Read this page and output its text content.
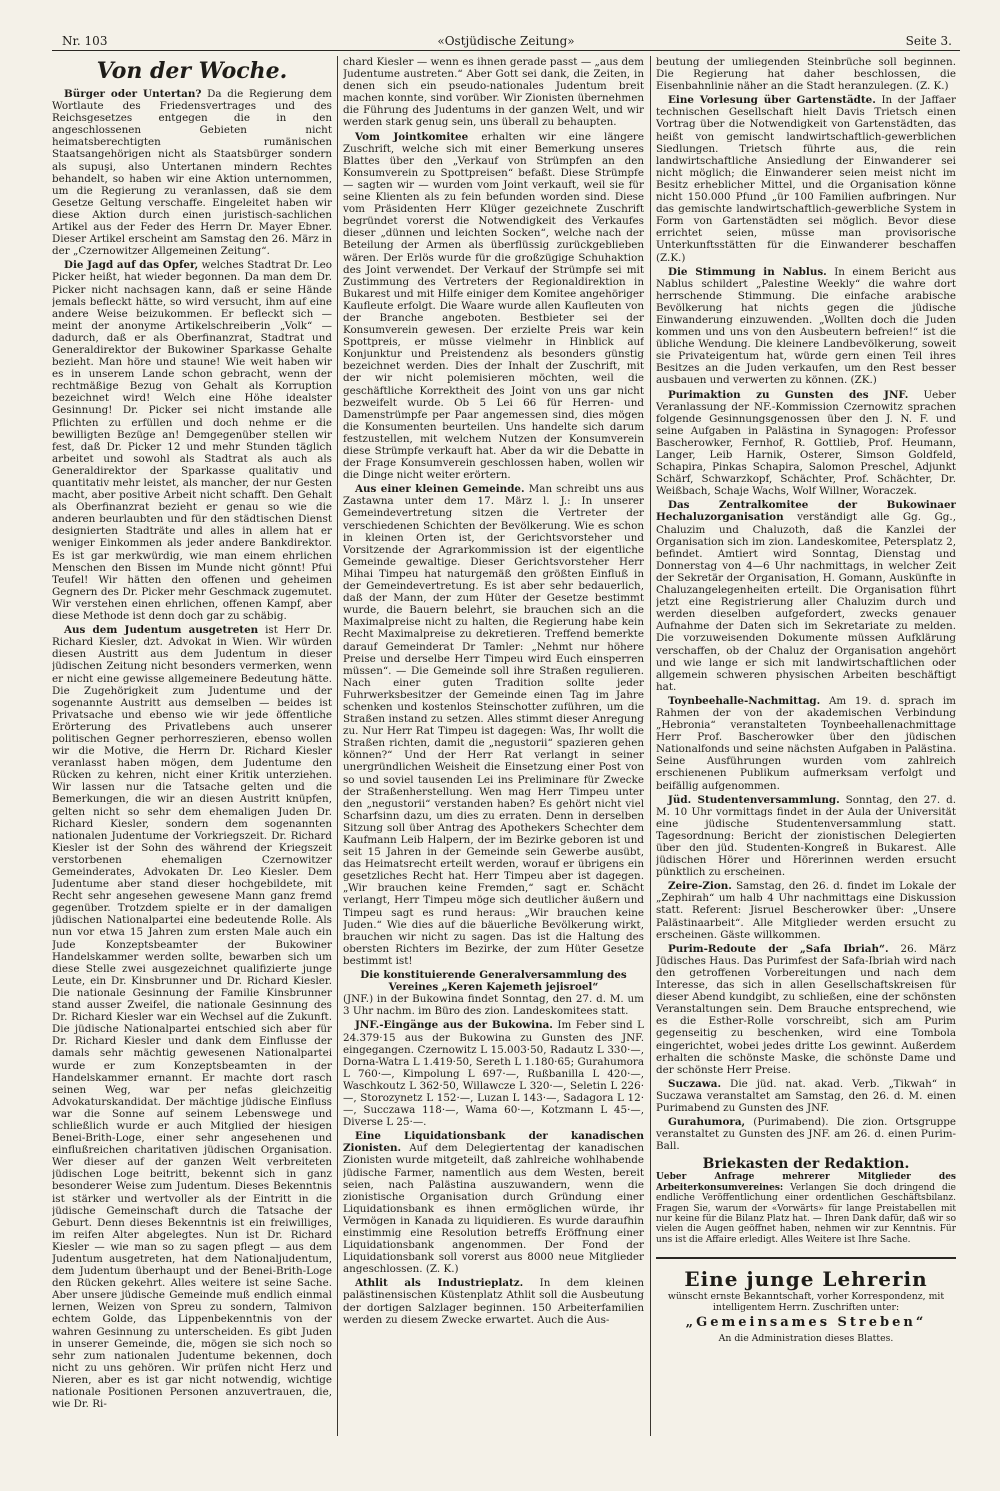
Nr. 103	«Ostjüdische Zeitung»	Seite 3.
Von der Woche.

Bürger oder Untertan? Da die Regierung dem Wortlaute des Friedensvertrages und des Reichsgesetzes entgegen die in den angeschlossenen Gebieten nicht heimatsberechtigten rumänischen Staatsangehörigen nicht als Staatsbürger sondern als supuşi, also Untertanen mindern Rechtes behandelt, so haben wir eine Aktion unternommen, um die Regierung zu veranlassen, daß sie dem Gesetze Geltung verschaffe. Eingeleitet haben wir diese Aktion durch einen juristisch-sachlichen Artikel aus der Feder des Herrn Dr. Mayer Ebner. Dieser Artikel erscheint am Samstag den 26. März in der „Czernowitzer Allgemeinen Zeitung“.

Die Jagd auf das Opfer, welches Stadtrat Dr. Leo Picker heißt, hat wieder begonnen. Da man dem Dr. Picker nicht nachsagen kann, daß er seine Hände jemals befleckt hätte, so wird versucht, ihm auf eine andere Weise beizukommen. Er befleckt sich — meint der anonyme Artikelschreiberin „Volk“ — dadurch, daß er als Oberfinanzrat, Stadtrat und Generaldirektor der Bukowiner Sparkasse Gehalte bezieht. Man höre und staune! Wie weit haben wir es in unserem Lande schon gebracht, wenn der rechtmäßige Bezug von Gehalt als Korruption bezeichnet wird! Welch eine Höhe idealster Gesinnung! Dr. Picker sei nicht imstande alle Pflichten zu erfüllen und doch nehme er die bewilligten Bezüge an! Demgegenüber stellen wir fest, daß Dr. Picker 12 und mehr Stunden täglich arbeitet und sowohl als Stadtrat als auch als Generaldirektor der Sparkasse qualitativ und quantitativ mehr leistet, als mancher, der nur Gesten macht, aber positive Arbeit nicht schafft. Den Gehalt als Oberfinanzrat bezieht er genau so wie die anderen beurlaubten und für den städtischen Dienst designierten Stadträte und alles in allem hat er weniger Einkommen als jeder andere Bankdirektor. Es ist gar merkwürdig, wie man einem ehrlichen Menschen den Bissen im Munde nicht gönnt! Pfui Teufel! Wir hätten den offenen und geheimen Gegnern des Dr. Picker mehr Geschmack zugemutet. Wir verstehen einen ehrlichen, offenen Kampf, aber diese Methode ist denn doch gar zu schäbig.

Aus dem Judentum ausgetreten ist Herr Dr. Richard Kiesler, dzt. Advokat in Wien. Wir würden diesen Austritt aus dem Judentum in dieser jüdischen Zeitung nicht besonders vermerken, wenn er nicht eine gewisse allgemeinere Bedeutung hätte. Die Zugehörigkeit zum Judentume und der sogenannte Austritt aus demselben — beides ist Privatsache und ebenso wie wir jede öffentliche Erörterung des Privatlebens auch unserer politischen Gegner perhorreszieren, ebenso wollen wir die Motive, die Herrn Dr. Richard Kiesler veranlasst haben mögen, dem Judentume den Rücken zu kehren, nicht einer Kritik unterziehen. Wir lassen nur die Tatsache gelten und die Bemerkungen, die wir an diesen Austritt knüpfen, gelten nicht so sehr dem ehemaligen Juden Dr. Richard Kiesler, sondern dem sogenannten nationalen Judentume der Vorkriegszeit. Dr. Richard Kiesler ist der Sohn des während der Kriegszeit verstorbenen ehemaligen Czernowitzer Gemeinderates, Advokaten Dr. Leo Kiesler. Dem Judentume aber stand dieser hochgebildete, mit Recht sehr angesehen gewesene Mann ganz fremd gegenüber. Trotzdem spielte er in der damaligen jüdischen Nationalpartei eine bedeutende Rolle. Als nun vor etwa 15 Jahren zum ersten Male auch ein Jude Konzeptsbeamter der Bukowiner Handelskammer werden sollte, bewarben sich um diese Stelle zwei ausgezeichnet qualifizierte junge Leute, ein Dr. Kinsbrunner und Dr. Richard Kiesler. Die nationale Gesinnung der Familie Kinsbrunner stand ausser Zweifel, die nationale Gesinnung des Dr. Richard Kiesler war ein Wechsel auf die Zukunft. Die jüdische Nationalpartei entschied sich aber für Dr. Richard Kiesler und dank dem Einflusse der damals sehr mächtig gewesenen Nationalpartei wurde er zum Konzeptsbeamten in der Handelskammer ernannt. Er machte dort rasch seinen Weg, war per nefas gleichzeitig Advokaturskandidat. Der mächtige jüdische Einfluss war die Sonne auf seinem Lebenswege und schließlich wurde er auch Mitglied der hiesigen Benei-Brith-Loge, einer sehr angesehenen und einflußreichen charitativen jüdischen Organisation. Wer dieser auf der ganzen Welt verbreiteten jüdischen Loge beitritt, bekennt sich in ganz besonderer Weise zum Judentum. Dieses Bekenntnis ist stärker und wertvoller als der Eintritt in die jüdische Gemeinschaft durch die Tatsache der Geburt. Denn dieses Bekenntnis ist ein freiwilliges, im reifen Alter abgelegtes. Nun ist Dr. Richard Kiesler — wie man so zu sagen pflegt — aus dem Judentum ausgetreten, hat dem Nationaljudentum, dem Judentum überhaupt und der Benei-Brith-Loge den Rücken gekehrt. Alles weitere ist seine Sache. Aber unsere jüdische Gemeinde muß endlich einmal lernen, Weizen von Spreu zu sondern, Talmivon echtem Golde, das Lippenbekenntnis von der wahren Gesinnung zu unterscheiden. Es gibt Juden in unserer Gemeinde, die, mögen sie sich noch so sehr zum nationalen Judentume bekennen, doch nicht zu uns gehören. Wir prüfen nicht Herz und Nieren, aber es ist gar nicht notwendig, wichtige nationale Positionen Personen anzuvertrauen, die, wie Dr. Ri-

chard Kiesler — wenn es ihnen gerade passt — „aus dem Judentume austreten.“ Aber Gott sei dank, die Zeiten, in denen sich ein pseudo-nationales Judentum breit machen konnte, sind vorüber. Wir Zionisten übernehmen die Führung des Judentums in der ganzen Welt, und wir werden stark genug sein, uns überall zu behaupten.

Vom Jointkomitee erhalten wir eine längere Zuschrift, welche sich mit einer Bemerkung unseres Blattes über den „Verkauf von Strümpfen an den Konsumverein zu Spottpreisen“ befaßt. Diese Strümpfe — sagten wir — wurden vom Joint verkauft, weil sie für seine Klienten als zu fein befunden worden sind. Diese vom Präsidenten Herr Klüger gezeichnete Zuschrift begründet vorerst die Notwendigkeit des Verkaufes dieser „dünnen und leichten Socken“, welche nach der Beteilung der Armen als überflüssig zurückgeblieben wären. Der Erlös wurde für die großzügige Schuhaktion des Joint verwendet. Der Verkauf der Strümpfe sei mit Zustimmung des Vertreters der Regionaldirektion in Bukarest und mit Hilfe einiger dem Komitee angehöriger Kaufleute erfolgt. Die Waare wurde allen Kaufleuten von der Branche angeboten. Bestbieter sei der Konsumverein gewesen. Der erzielte Preis war kein Spottpreis, er müsse vielmehr in Hinblick auf Konjunktur und Preistendenz als besonders günstig bezeichnet werden. Dies der Inhalt der Zuschrift, mit der wir nicht polemisieren möchten, weil die geschäftliche Korrektheit des Joint von uns gar nicht bezweifelt wurde. Ob 5 Lei 66 für Herren- und Damenstrümpfe per Paar angemessen sind, dies mögen die Konsumenten beurteilen. Uns handelte sich darum festzustellen, mit welchem Nutzen der Konsumverein diese Strümpfe verkauft hat. Aber da wir die Debatte in der Frage Konsumverein geschlossen haben, wollen wir die Dinge nicht weiter erörtern.

Aus einer kleinen Gemeinde. Man schreibt uns aus Zastawna unter dem 17. März l. J.: In unserer Gemeindevertretung sitzen die Vertreter der verschiedenen Schichten der Bevölkerung. Wie es schon in kleinen Orten ist, der Gerichtsvorsteher und Vorsitzende der Agrarkommission ist der eigentliche Gemeinde gewaltige. Dieser Gerichtsvorsteher Herr Mihai Timpeu hat naturgemäß den größten Einfluß in der Gemeindevertretung. Es ist aber sehr bedauerlich, daß der Mann, der zum Hüter der Gesetze bestimmt wurde, die Bauern belehrt, sie brauchen sich an die Maximalpreise nicht zu halten, die Regierung habe kein Recht Maximalpreise zu dekretieren. Treffend bemerkte darauf Gemeinderat Dr Tamler: „Nehmt nur höhere Preise und derselbe Herr Timpeu wird Euch einsperren müssen“. — Die Gemeinde soll ihre Straßen regulieren. Nach einer guten Tradition sollte jeder Fuhrwerksbesitzer der Gemeinde einen Tag im Jahre schenken und kostenlos Steinschotter zuführen, um die Straßen instand zu setzen. Alles stimmt dieser Anregung zu. Nur Herr Rat Timpeu ist dagegen: Was, Ihr wollt die Straßen richten, damit die „negustorii“ spazieren gehen können?“ Und der Herr Rat verlangt in seiner unergründlichen Weisheit die Einsetzung einer Post von so und soviel tausenden Lei ins Preliminare für Zwecke der Straßenherstellung. Wen mag Herr Timpeu unter den „negustorii“ verstanden haben? Es gehört nicht viel Scharfsinn dazu, um dies zu erraten. Denn in derselben Sitzung soll über Antrag des Apothekers Schechter dem Kaufmann Leib Halpern, der im Bezirke geboren ist und seit 15 Jahren in der Gemeinde sein Gewerbe ausübt, das Heimatsrecht erteilt werden, worauf er übrigens ein gesetzliches Recht hat. Herr Timpeu aber ist dagegen. „Wir brauchen keine Fremden,“ sagt er. Schächt verlangt, Herr Timpeu möge sich deutlicher äußern und Timpeu sagt es rund heraus: „Wir brauchen keine Juden.“ Wie dies auf die bäuerliche Bevölkerung wirkt, brauchen wir nicht zu sagen. Das ist die Haltung des obersten Richters im Bezirke, der zum Hüter Gesetze bestimmt ist!

Die konstituierende Generalversammlung des Vereines „Keren Kajemeth jejisroel“

(JNF.) in der Bukowina findet Sonntag, den 27. d. M. um 3 Uhr nachm. im Büro des zion. Landeskomitees statt.

JNF.-Eingänge aus der Bukowina. Im Feber sind L 24.379·15 aus der Bukowina zu Gunsten des JNF. eingegangen. Czernowitz L 15.003·50, Radautz L 330·—, Dorna-Watra L 1.419·50, Sereth L 1.180·65; Gurahumora L 760·—, Kimpolung L 697·—, Rußbanilla L 420·—, Waschkoutz L 362·50, Willawcze L 320·—, Seletin L 226·—, Storozynetz L 152·—, Luzan L 143·—, Sadagora L 12·—, Succzawa 118·—, Wama 60·—, Kotzmann L 45·—, Diverse L 25·—.

Eine Liquidationsbank der kanadischen Zionisten. Auf dem Delegiertentag der kanadischen Zionisten wurde mitgeteilt, daß zahlreiche wohlhabende jüdische Farmer, namentlich aus dem Westen, bereit seien, nach Palästina auszuwandern, wenn die zionistische Organisation durch Gründung einer Liquidationsbank es ihnen ermöglichen würde, ihr Vermögen in Kanada zu liquidieren. Es wurde daraufhin einstimmig eine Resolution betreffs Eröffnung einer Liquidationsbank angenommen. Der Fond der Liquidationsbank soll vorerst aus 8000 neue Mitglieder angeschlossen. (Z. K.)

Athlit als Industrieplatz. In dem kleinen palästinensischen Küstenplatz Athlit soll die Ausbeutung der dortigen Salzlager beginnen. 150 Arbeiterfamilien werden zu diesem Zwecke erwartet. Auch die Aus-

beutung der umliegenden Steinbrüche soll beginnen. Die Regierung hat daher beschlossen, die Eisenbahnlinie näher an die Stadt heranzulegen. (Z. K.)

Eine Vorlesung über Gartenstädte. In der Jaffaer technischen Gesellschaft hielt Davis Trietsch einen Vortrag über die Notwendigkeit von Gartenstädten, das heißt von gemischt landwirtschaftlich-gewerblichen Siedlungen. Trietsch führte aus, die rein landwirtschaftliche Ansiedlung der Einwanderer sei nicht möglich; die Einwanderer seien meist nicht im Besitz erheblicher Mittel, und die Organisation könne nicht 150.000 Pfund „ür 100 Familien aufbringen. Nur das gemischte landwirtschaftlich-gewerbliche System in Form von Gartenstädten sei möglich. Bevor diese errichtet seien, müsse man provisorische Unterkunftsstätten für die Einwanderer beschaffen (Z.K.)

Die Stimmung in Nablus. In einem Bericht aus Nablus schildert „Palestine Weekly“ die wahre dort herrschende Stimmung. Die einfache arabische Bevölkerung hat nichts gegen die jüdische Einwanderung einzuwenden. „Wollten doch die Juden kommen und uns von den Ausbeutern befreien!“ ist die übliche Wendung. Die kleinere Landbevölkerung, soweit sie Privateigentum hat, würde gern einen Teil ihres Besitzes an die Juden verkaufen, um den Rest besser ausbauen und verwerten zu können. (ZK.)

Purimaktion zu Gunsten des JNF. Ueber Veranlassung der NF.-Kommission Czernowitz sprachen folgende Gesinnungsgenossen über den J. N. F. und seine Aufgaben in Palästina in Synagogen: Professor Bascherowker, Fernhof, R. Gottlieb, Prof. Heumann, Langer, Leib Harnik, Osterer, Simson Goldfeld, Schapira, Pinkas Schapira, Salomon Preschel, Adjunkt Schärf, Schwarzkopf, Schächter, Prof. Schächter, Dr. Weißbach, Schaje Wachs, Wolf Willner, Woraczek.

Das Zentralkomitee der Bukowinaer Hechaluzorganisation verständigt alle Gg. Gg., Chaluzim und Chaluzoth, daß die Kanzlei der Organisation sich im zion. Landeskomitee, Petersplatz 2, befindet. Amtiert wird Sonntag, Dienstag und Donnerstag von 4—6 Uhr nachmittags, in welcher Zeit der Sekretär der Organisation, H. Gomann, Auskünfte in Chaluzangelegenheiten erteilt. Die Organisation führt jetzt eine Registrierung aller Chaluzim durch und werden dieselben aufgefordert, zwecks genauer Aufnahme der Daten sich im Sekretariate zu melden. Die vorzuweisenden Dokumente müssen Aufklärung verschaffen, ob der Chaluz der Organisation angehört und wie lange er sich mit landwirtschaftlichen oder allgemein schweren physischen Arbeiten beschäftigt hat.

Toynbeehalle-Nachmittag. Am 19. d. sprach im Rahmen der von der akademischen Verbindung „Hebronia“ veranstalteten Toynbeehallenachmittage Herr Prof. Bascherowker über den jüdischen Nationalfonds und seine nächsten Aufgaben in Palästina. Seine Ausführungen wurden vom zahlreich erschienenen Publikum aufmerksam verfolgt und beifällig aufgenommen.

Jüd. Studentenversammlung. Sonntag, den 27. d. M. 10 Uhr vormittags findet in der Aula der Universität eine jüdische Studentenversammlung statt. Tagesordnung: Bericht der zionistischen Delegierten über den jüd. Studenten-Kongreß in Bukarest. Alle jüdischen Hörer und Hörerinnen werden ersucht pünktlich zu erscheinen.

Zeire-Zion. Samstag, den 26. d. findet im Lokale der „Zephirah“ um halb 4 Uhr nachmittags eine Diskussion statt. Referent: Jisruel Bescherowker über: „Unsere Palästinaarbeit“. Alle Mitglieder werden ersucht zu erscheinen. Gäste willkommen.

Purim-Redoute der „Safa Ibriah“. 26. März Jüdisches Haus. Das Purimfest der Safa-Ibriah wird nach den getroffenen Vorbereitungen und nach dem Interesse, das sich in allen Gesellschaftskreisen für dieser Abend kundgibt, zu schließen, eine der schönsten Veranstaltungen sein. Dem Brauche entsprechend, wie es die Esther-Rolle vorschreibt, sich am Purim gegenseitig zu beschenken, wird eine Tombola eingerichtet, wobei jedes dritte Los gewinnt. Außerdem erhalten die schönste Maske, die schönste Dame und der schönste Herr Preise.

Suczawa. Die jüd. nat. akad. Verb. „Tikwah“ in Suczawa veranstaltet am Samstag, den 26. d. M. einen Purimabend zu Gunsten des JNF.

Gurahumora, (Purimabend). Die zion. Ortsgruppe veranstaltet zu Gunsten des JNF. am 26. d. einen Purim-Ball.

Briekasten der Redaktion.

Ueber Anfrage mehrerer Mitglieder des Arbeiterkonsumvereines: Verlangen Sie doch dringend die endliche Veröffentlichung einer ordentlichen Geschäftsbilanz. Fragen Sie, warum der «Vorwärts» für lange Preistabellen mit nur keine für die Bilanz Platz hat. — Ihren Dank dafür, daß wir so vielen die Augen geöffnet haben, nehmen wir zur Kenntnis. Für uns ist die Affaire erledigt. Alles Weitere ist Ihre Sache.

Eine junge Lehrerin
wünscht ernste Bekanntschaft, vorher Korrespondenz, mit intelligentem Herrn. Zuschriften unter:
„Gemeinsames Streben“
An die Administration dieses Blattes.
